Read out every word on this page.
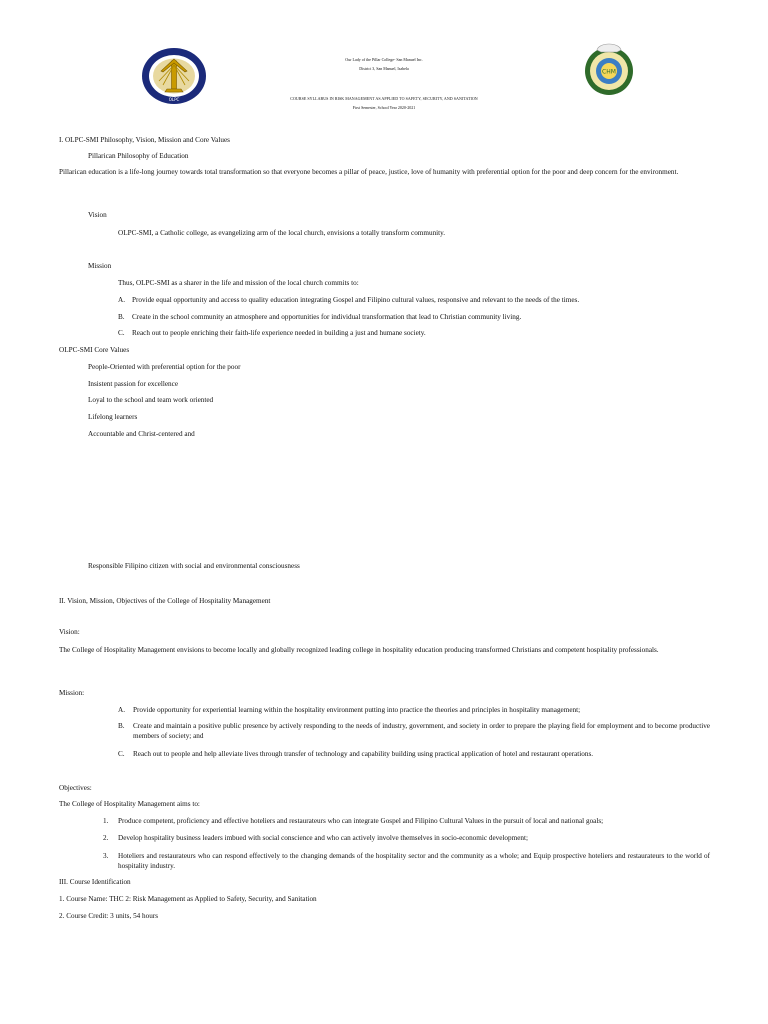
OLPC
CHM
Our Lady of the Pillar College- San Manuel Inc.
District 3, San Manuel, Isabela
COURSE SYLLABUS IN RISK MANAGEMENT AS APPLIED TO SAFETY, SECURITY, AND SANITATION
First Semester, School Year 2020-2021
I. OLPC-SMI Philosophy, Vision, Mission and Core Values
Pillarican Philosophy of Education
Pillarican education is a life-long journey towards total transformation so that everyone becomes a pillar of peace, justice, love of humanity with preferential option for the poor and deep concern for the environment.
Vision
OLPC-SMI, a Catholic college, as evangelizing arm of the local church, envisions a totally transform community.
Mission
Thus, OLPC-SMI as a sharer in the life and mission of the local church commits to:
A. Provide equal opportunity and access to quality education integrating Gospel and Filipino cultural values, responsive and relevant to the needs of the times.
B. Create in the school community an atmosphere and opportunities for individual transformation that lead to Christian community living.
C. Reach out to people enriching their faith-life experience needed in building a just and humane society.
OLPC-SMI Core Values
People-Oriented with preferential option for the poor
Insistent passion for excellence
Loyal to the school and team work oriented
Lifelong learners
Accountable and Christ-centered and
Responsible Filipino citizen with social and environmental consciousness
II. Vision, Mission, Objectives of the College of Hospitality Management
Vision:
The College of Hospitality Management envisions to become locally and globally recognized leading college in hospitality education producing transformed Christians and competent hospitality professionals.
Mission:
A. Provide opportunity for experiential learning within the hospitality environment putting into practice the theories and principles in hospitality management;
B. Create and maintain a positive public presence by actively responding to the needs of industry, government, and society in order to prepare the playing field for employment and to become productive members of society; and
C. Reach out to people and help alleviate lives through transfer of technology and capability building using practical application of hotel and restaurant operations.
Objectives:
The College of Hospitality Management aims to:
1. Produce competent, proficiency and effective hoteliers and restaurateurs who can integrate Gospel and Filipino Cultural Values in the pursuit of local and national goals;
2. Develop hospitality business leaders imbued with social conscience and who can actively involve themselves in socio-economic development;
3. Hoteliers and restaurateurs who can respond effectively to the changing demands of the hospitality sector and the community as a whole; and Equip prospective hoteliers and restaurateurs to the world of hospitality industry.
III. Course Identification
1. Course Name: THC 2: Risk Management as Applied to Safety, Security, and Sanitation
2. Course Credit: 3 units, 54 hours
